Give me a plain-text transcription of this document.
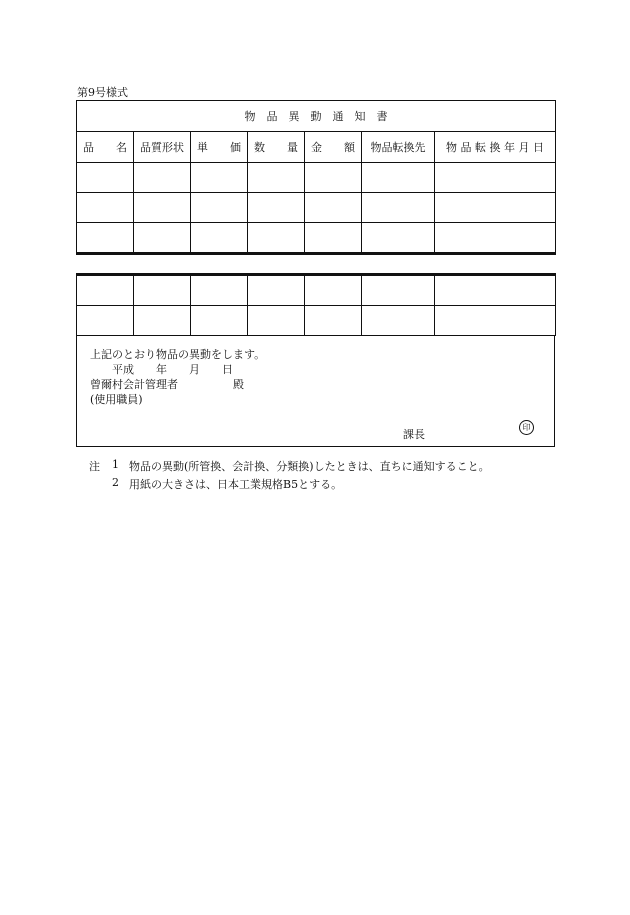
第9号様式
物　品　異　動　通　知　書						
品　　名	品質形状	単　　価	数　　量	金　　額	物品転換先	物 品 転 換 年 月 日

上記のとおり物品の異動をします。
　　平成　　年　　月　　日
曾爾村会計管理者　　　　　殿
(使用職員)
課長
印
注 1 物品の異動(所管換、会計換、分類換)したときは、直ちに通知すること。
2 用紙の大きさは、日本工業規格B5とする。
